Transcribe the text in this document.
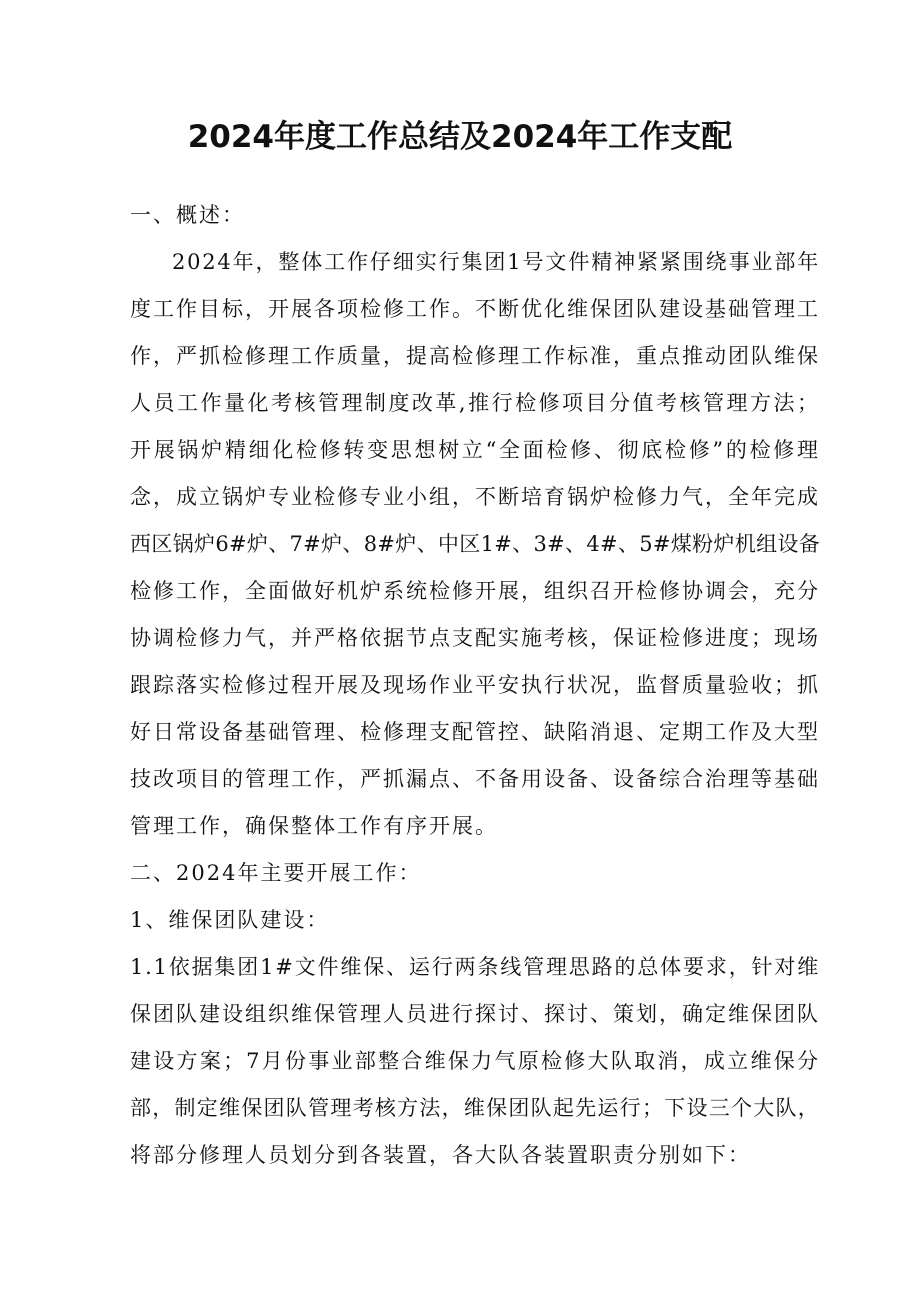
2024年度工作总结及2024年工作支配

一、概述：

2024年，整体工作仔细实行集团1号文件精神紧紧围绕事业部年

度工作目标，开展各项检修工作。不断优化维保团队建设基础管理工

作，严抓检修理工作质量，提高检修理工作标准，重点推动团队维保

人员工作量化考核管理制度改革,推行检修项目分值考核管理方法；

开展锅炉精细化检修转变思想树立“全面检修、彻底检修”的检修理

念，成立锅炉专业检修专业小组，不断培育锅炉检修力气，全年完成

西区锅炉6#炉、7#炉、8#炉、中区1#、3#、4#、5#煤粉炉机组设备

检修工作，全面做好机炉系统检修开展，组织召开检修协调会，充分

协调检修力气，并严格依据节点支配实施考核，保证检修进度；现场

跟踪落实检修过程开展及现场作业平安执行状况，监督质量验收；抓

好日常设备基础管理、检修理支配管控、缺陷消退、定期工作及大型

技改项目的管理工作，严抓漏点、不备用设备、设备综合治理等基础

管理工作，确保整体工作有序开展。

二、2024年主要开展工作：

1、维保团队建设：

1.1依据集团1#文件维保、运行两条线管理思路的总体要求，针对维

保团队建设组织维保管理人员进行探讨、探讨、策划，确定维保团队

建设方案；7月份事业部整合维保力气原检修大队取消，成立维保分

部，制定维保团队管理考核方法，维保团队起先运行；下设三个大队，

将部分修理人员划分到各装置，各大队各装置职责分别如下：
